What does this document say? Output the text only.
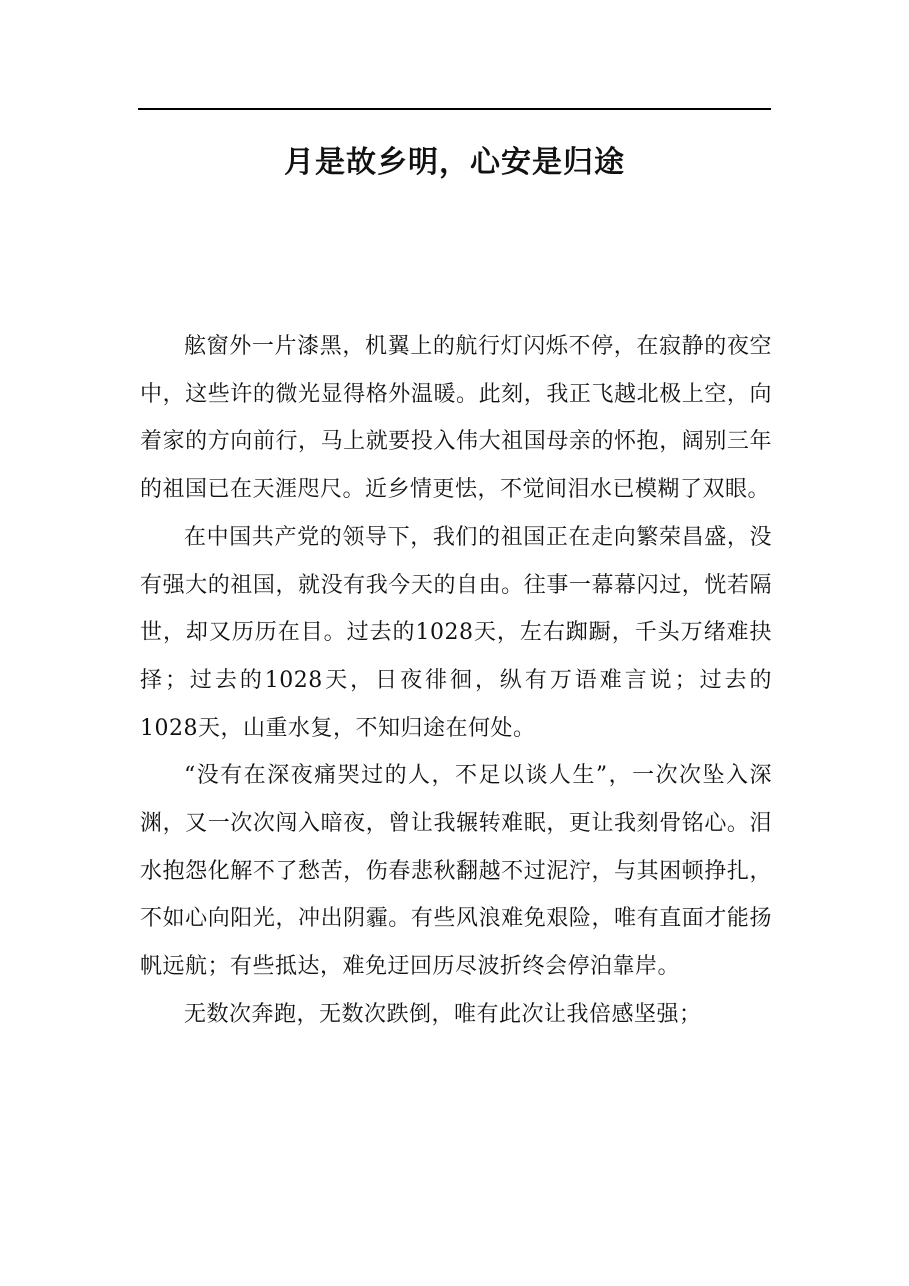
月是故乡明，心安是归途

舷窗外一片漆黑，机翼上的航行灯闪烁不停，在寂静的夜空中，这些许的微光显得格外温暖。此刻，我正飞越北极上空，向着家的方向前行，马上就要投入伟大祖国母亲的怀抱，阔别三年的祖国已在天涯咫尺。近乡情更怯，不觉间泪水已模糊了双眼。

在中国共产党的领导下，我们的祖国正在走向繁荣昌盛，没有强大的祖国，就没有我今天的自由。往事一幕幕闪过，恍若隔世，却又历历在目。过去的1028天，左右踟蹰，千头万绪难抉择；过去的1028天，日夜徘徊，纵有万语难言说；过去的1028天，山重水复，不知归途在何处。

“没有在深夜痛哭过的人，不足以谈人生”，一次次坠入深渊，又一次次闯入暗夜，曾让我辗转难眠，更让我刻骨铭心。泪水抱怨化解不了愁苦，伤春悲秋翻越不过泥泞，与其困顿挣扎，不如心向阳光，冲出阴霾。有些风浪难免艰险，唯有直面才能扬帆远航；有些抵达，难免迂回历尽波折终会停泊靠岸。

无数次奔跑，无数次跌倒，唯有此次让我倍感坚强；
